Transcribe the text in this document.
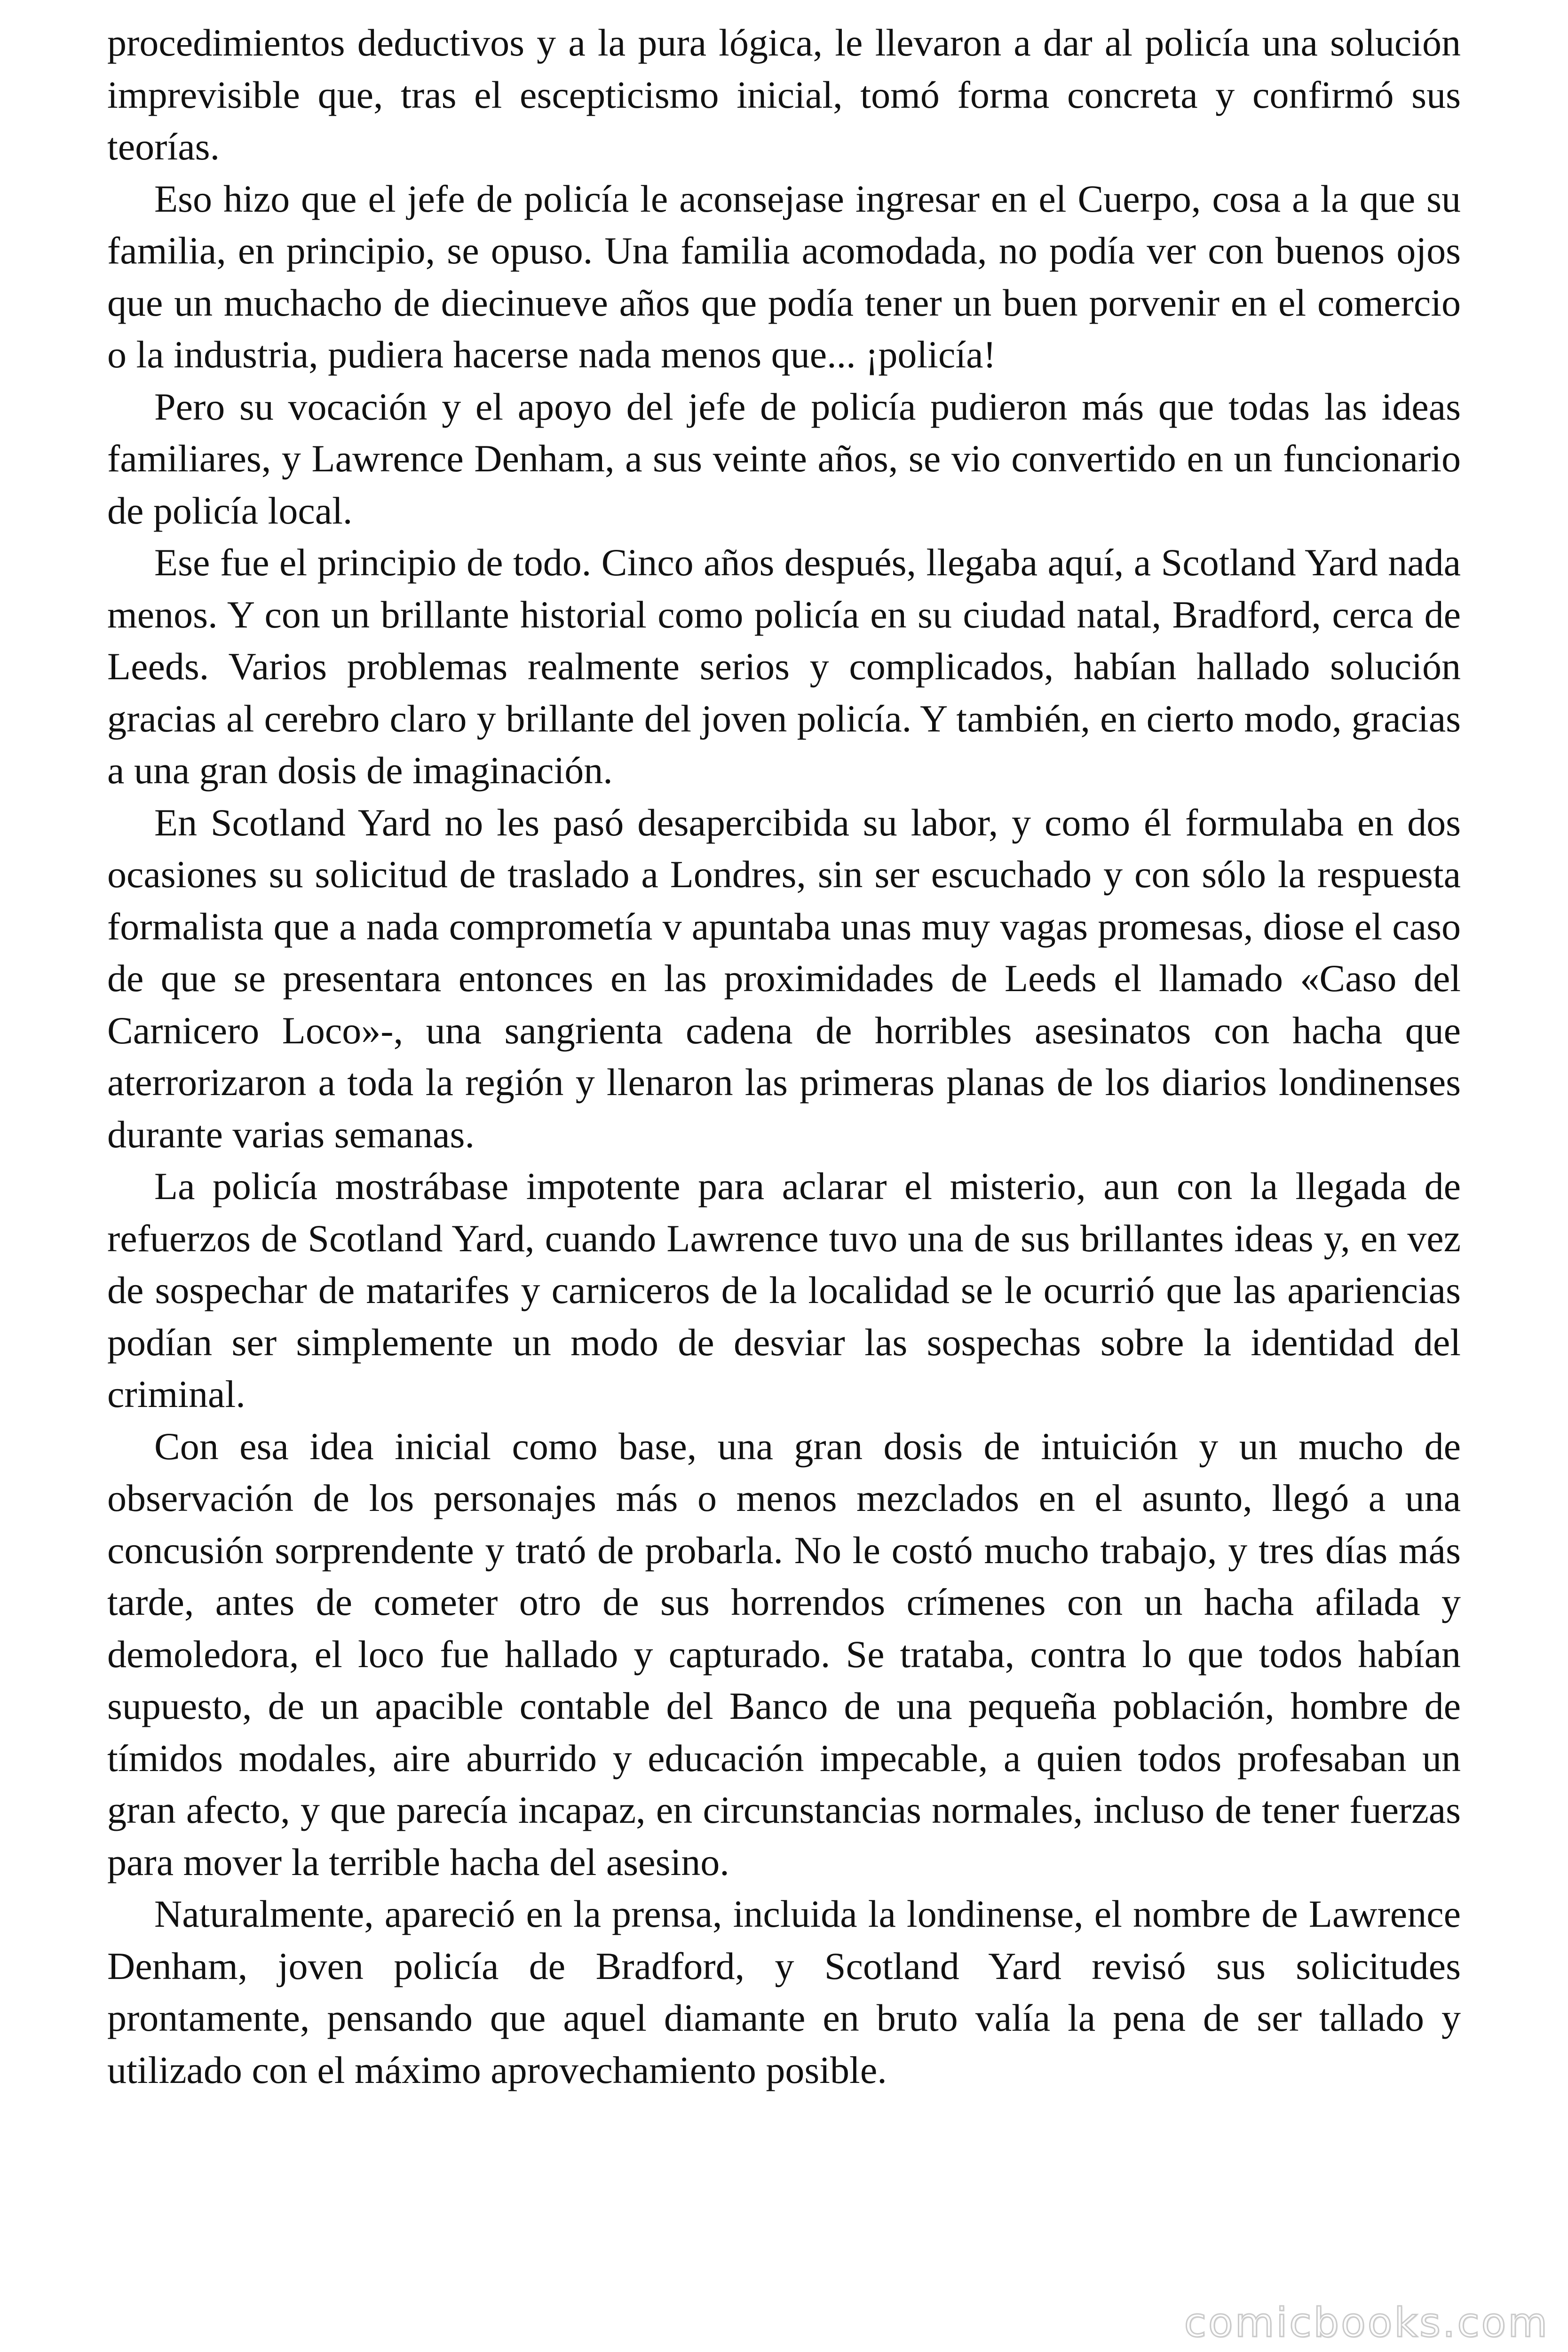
procedimientos deductivos y a la pura lógica, le llevaron a dar al policía una solución imprevisible que, tras el escepticismo inicial, tomó forma concreta y confirmó sus teorías.

Eso hizo que el jefe de policía le aconsejase ingresar en el Cuerpo, cosa a la que su familia, en principio, se opuso. Una familia acomodada, no podía ver con buenos ojos que un muchacho de diecinueve años que podía tener un buen porvenir en el comercio o la industria, pudiera hacerse nada menos que... ¡policía!

Pero su vocación y el apoyo del jefe de policía pudieron más que todas las ideas familiares, y Lawrence Denham, a sus veinte años, se vio convertido en un funcionario de policía local.

Ese fue el principio de todo. Cinco años después, llegaba aquí, a Scotland Yard nada menos. Y con un brillante historial como policía en su ciudad natal, Bradford, cerca de Leeds. Varios problemas realmente serios y complicados, habían hallado solución gracias al cerebro claro y brillante del joven policía. Y también, en cierto modo, gracias a una gran dosis de imaginación.

En Scotland Yard no les pasó desapercibida su labor, y como él formulaba en dos ocasiones su solicitud de traslado a Londres, sin ser escuchado y con sólo la respuesta formalista que a nada comprometía v apuntaba unas muy vagas promesas, diose el caso de que se presentara entonces en las proximidades de Leeds el llamado «Caso del Carnicero Loco»-, una sangrienta cadena de horribles asesinatos con hacha que aterrorizaron a toda la región y llenaron las primeras planas de los diarios londinenses durante varias semanas.

La policía mostrábase impotente para aclarar el misterio, aun con la llegada de refuerzos de Scotland Yard, cuando Lawrence tuvo una de sus brillantes ideas y, en vez de sospechar de matarifes y carniceros de la localidad se le ocurrió que las apariencias podían ser simplemente un modo de desviar las sospechas sobre la identidad del criminal.

Con esa idea inicial como base, una gran dosis de intuición y un mucho de observación de los personajes más o menos mezclados en el asunto, llegó a una concusión sorprendente y trató de probarla. No le costó mucho trabajo, y tres días más tarde, antes de cometer otro de sus horrendos crímenes con un hacha afilada y demoledora, el loco fue hallado y capturado. Se trataba, contra lo que todos habían supuesto, de un apacible contable del Banco de una pequeña población, hombre de tímidos modales, aire aburrido y educación impecable, a quien todos profesaban un gran afecto, y que parecía incapaz, en circunstancias normales, incluso de tener fuerzas para mover la terrible hacha del asesino.

Naturalmente, apareció en la prensa, incluida la londinense, el nombre de Lawrence Denham, joven policía de Bradford, y Scotland Yard revisó sus solicitudes prontamente, pensando que aquel diamante en bruto valía la pena de ser tallado y utilizado con el máximo aprovechamiento posible.

comicbooks.com
